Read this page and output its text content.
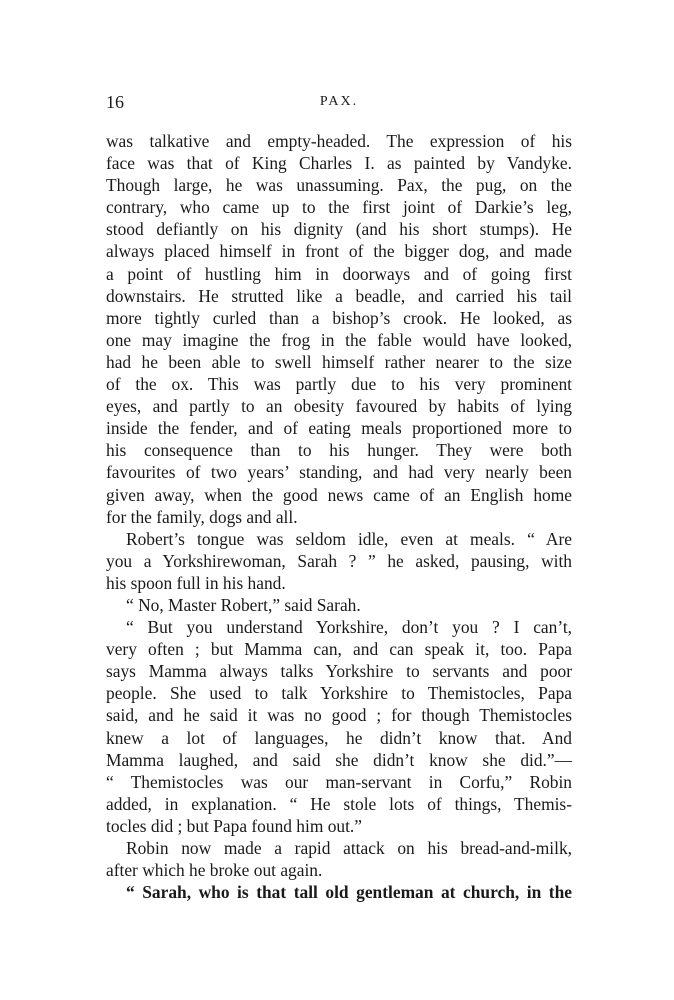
16	PAX.
was talkative and empty-headed. The expression of his
face was that of King Charles I. as painted by Vandyke.
Though large, he was unassuming. Pax, the pug, on the
contrary, who came up to the first joint of Darkie’s leg,
stood defiantly on his dignity (and his short stumps). He
always placed himself in front of the bigger dog, and made
a point of hustling him in doorways and of going first
downstairs. He strutted like a beadle, and carried his tail
more tightly curled than a bishop’s crook. He looked, as
one may imagine the frog in the fable would have looked,
had he been able to swell himself rather nearer to the size
of the ox. This was partly due to his very prominent
eyes, and partly to an obesity favoured by habits of lying
inside the fender, and of eating meals proportioned more to
his consequence than to his hunger. They were both
favourites of two years’ standing, and had very nearly been
given away, when the good news came of an English home
for the family, dogs and all.
Robert’s tongue was seldom idle, even at meals. “ Are
you a Yorkshirewoman, Sarah ? ” he asked, pausing, with
his spoon full in his hand.
“ No, Master Robert,” said Sarah.
“ But you understand Yorkshire, don’t you ? I can’t,
very often ; but Mamma can, and can speak it, too. Papa
says Mamma always talks Yorkshire to servants and poor
people. She used to talk Yorkshire to Themistocles, Papa
said, and he said it was no good ; for though Themistocles
knew a lot of languages, he didn’t know that. And
Mamma laughed, and said she didn’t know she did.”—
“ Themistocles was our man-servant in Corfu,” Robin
added, in explanation. “ He stole lots of things, Themis-
tocles did ; but Papa found him out.”
Robin now made a rapid attack on his bread-and-milk,
after which he broke out again.
“ Sarah, who is that tall old gentleman at church, in the
